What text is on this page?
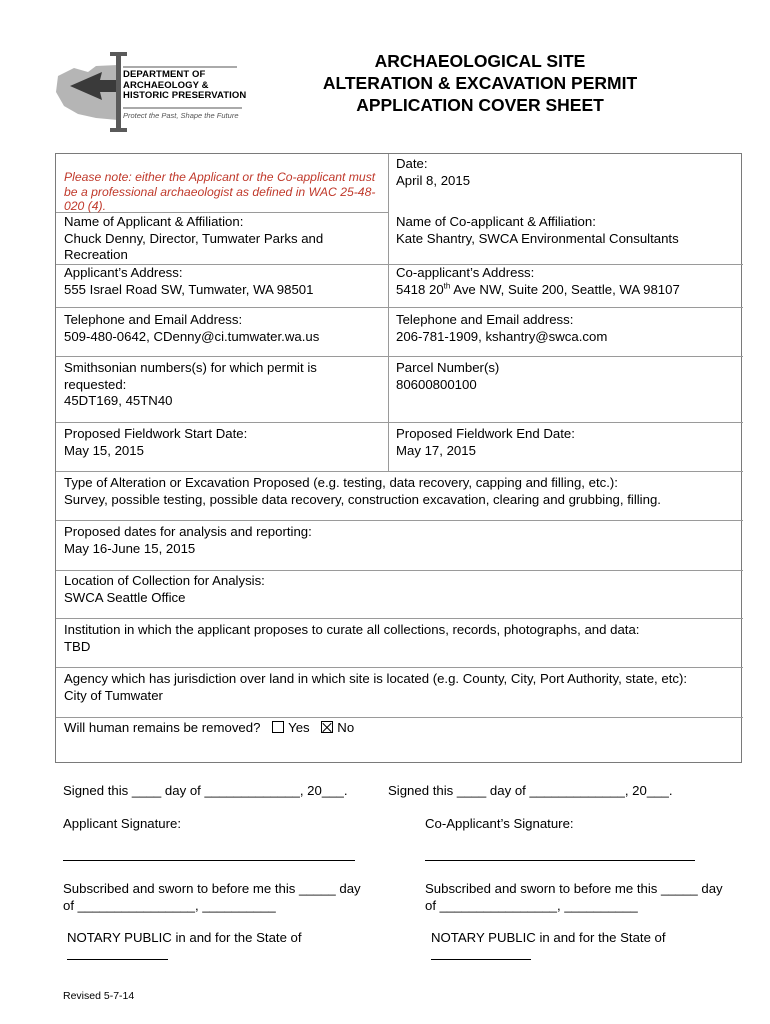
DEPARTMENT OF
ARCHAEOLOGY &
HISTORIC PRESERVATION
Protect the Past, Shape the Future
ARCHAEOLOGICAL SITE
ALTERATION & EXCAVATION PERMIT
APPLICATION COVER SHEET
Please note: either the Applicant or the Co-applicant must be a professional archaeologist as defined in WAC 25-48-020 (4).
Date:
April 8, 2015
Name of Applicant & Affiliation:
Chuck Denny, Director, Tumwater Parks and Recreation
Name of Co-applicant & Affiliation:
Kate Shantry, SWCA Environmental Consultants
Applicant’s Address:
555 Israel Road SW, Tumwater, WA 98501
Co-applicant’s Address:
5418 20th Ave NW, Suite 200, Seattle, WA 98107
Telephone and Email Address:
509-480-0642, CDenny@ci.tumwater.wa.us
Telephone and Email address:
206-781-1909, kshantry@swca.com
Smithsonian numbers(s) for which permit is requested:
45DT169, 45TN40
Parcel Number(s)
80600800100
Proposed Fieldwork Start Date:
May 15, 2015
Proposed Fieldwork End Date:
May 17, 2015
Type of Alteration or Excavation Proposed (e.g. testing, data recovery, capping and filling, etc.):
Survey, possible testing, possible data recovery, construction excavation, clearing and grubbing, filling.
Proposed dates for analysis and reporting:
May 16-June 15, 2015
Location of Collection for Analysis:
SWCA Seattle Office
Institution in which the applicant proposes to curate all collections, records, photographs, and data:
TBD
Agency which has jurisdiction over land in which site is located (e.g. County, City, Port Authority, state, etc):
City of Tumwater
Will human remains be removed? Yes No
Signed this ____ day of _____________, 20___.	Signed this ____ day of _____________, 20___.
Applicant Signature:	Co-Applicant’s Signature:
Subscribed and sworn to before me this _____ day
of ________________, __________
Subscribed and sworn to before me this _____ day
of ________________, __________
NOTARY PUBLIC in and for the State of	NOTARY PUBLIC in and for the State of
Revised 5-7-14
